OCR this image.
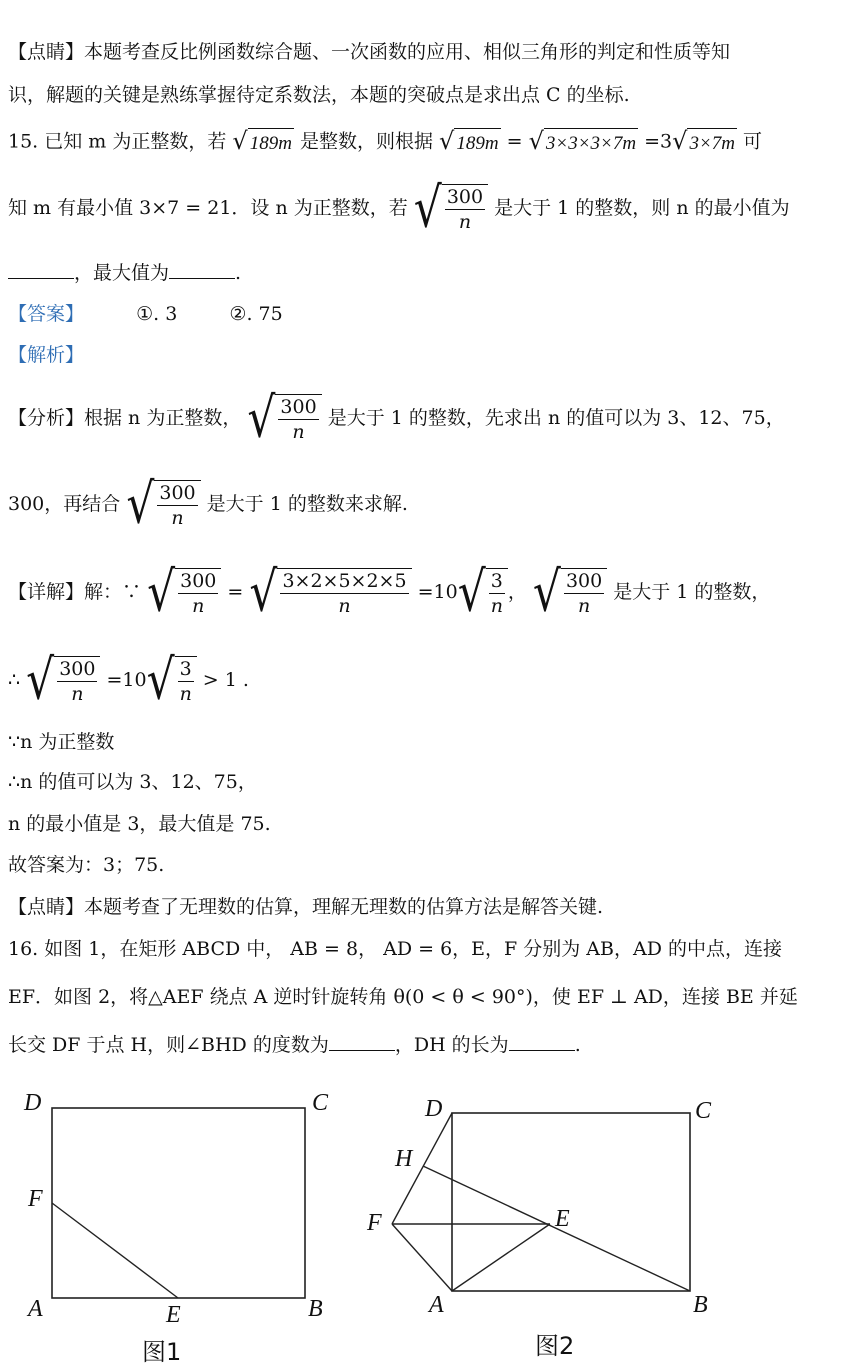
【点睛】本题考查反比例函数综合题、一次函数的应用、相似三角形的判定和性质等知
识，解题的关键是熟练掌握待定系数法，本题的突破点是求出点 C 的坐标.
15. 已知 m 为正整数，若 √ 189m 是整数，则根据 √ 189m = √ 3×3×3×7m =3√ 3×7m 可
知 m 有最小值 3×7 = 21．设 n 为正整数，若 √ $\frac{300}{n}$ 是大于 1 的整数，则 n 的最小值为
，最大值为	.
【答案】	①. 3	②. 75
【解析】
【分析】根据 n 为正整数， √ $\frac{300}{n}$ 是大于 1 的整数，先求出 n 的值可以为 3、12、75，
300，再结合 √ $\frac{300}{n}$ 是大于 1 的整数来求解.
【详解】解：∵ √ $\frac{300}{n}$ = √ $\frac{3\times 2\times 5\times 2\times 5}{n} =10$ √ $\frac{3}{n}$ ， √ $\frac{300}{n}$ 是大于 1 的整数，
∴ √ $\frac{300}{n} =10$ √ $\frac{3}{n} > 1$ .
∵n 为正整数
∴n 的值可以为 3、12、75，
n 的最小值是 3，最大值是 75.
故答案为：3；75.
【点睛】本题考查了无理数的估算，理解无理数的估算方法是解答关键.
16. 如图 1，在矩形 ABCD 中， AB = 8， AD = 6，E，F 分别为 AB，AD 的中点，连接
EF．如图 2，将△AEF 绕点 A 逆时针旋转角 θ(0 < θ < 90°)，使 EF ⊥ AD，连接 BE 并延
长交 DF 于点 H，则∠BHD 的度数为	，DH 的长为	.
D	C
F
A	E	B
图1
D	C
H
F	E
A	B
图2
